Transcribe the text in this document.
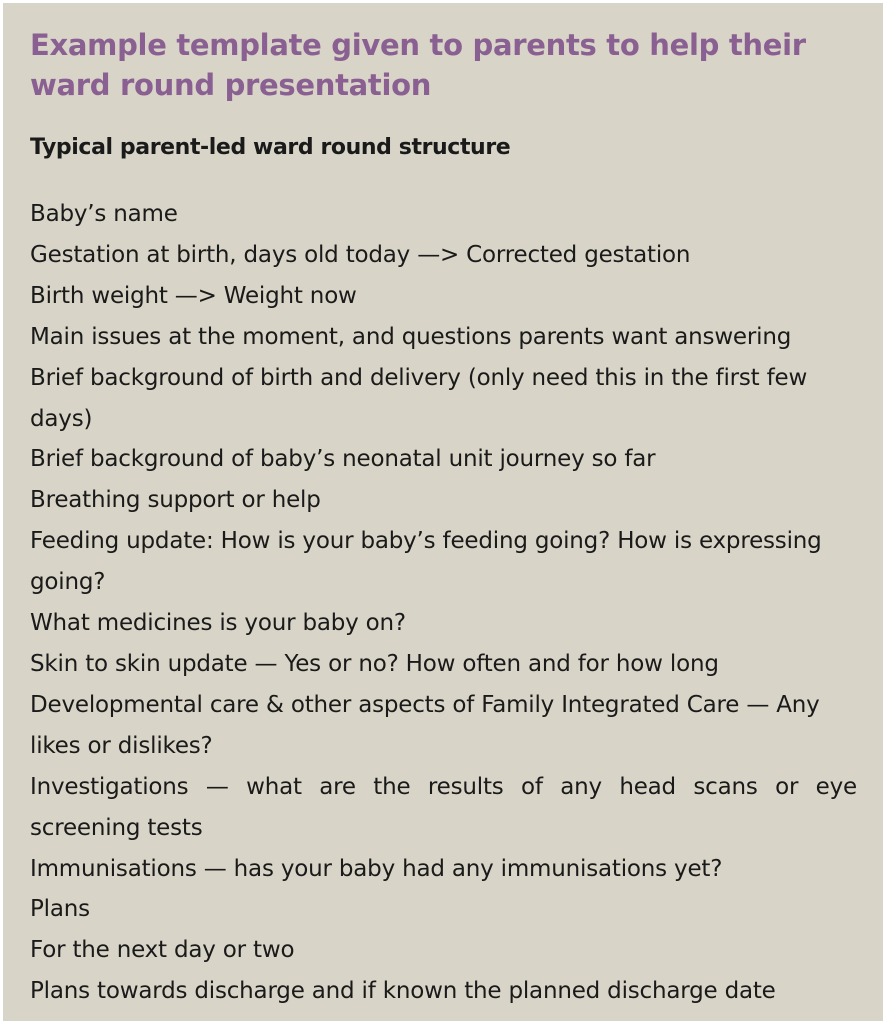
Example template given to parents to help their ward round presentation
Typical parent-led ward round structure
Baby’s name
Gestation at birth, days old today —> Corrected gestation
Birth weight —> Weight now
Main issues at the moment, and questions parents want answering
Brief background of birth and delivery (only need this in the first few days)
Brief background of baby’s neonatal unit journey so far
Breathing support or help
Feeding update: How is your baby’s feeding going? How is expressing going?
What medicines is your baby on?
Skin to skin update — Yes or no? How often and for how long
Developmental care & other aspects of Family Integrated Care — Any likes or dislikes?
Investigations — what are the results of any head scans or eye screening tests
Immunisations — has your baby had any immunisations yet?
Plans
For the next day or two
Plans towards discharge and if known the planned discharge date
